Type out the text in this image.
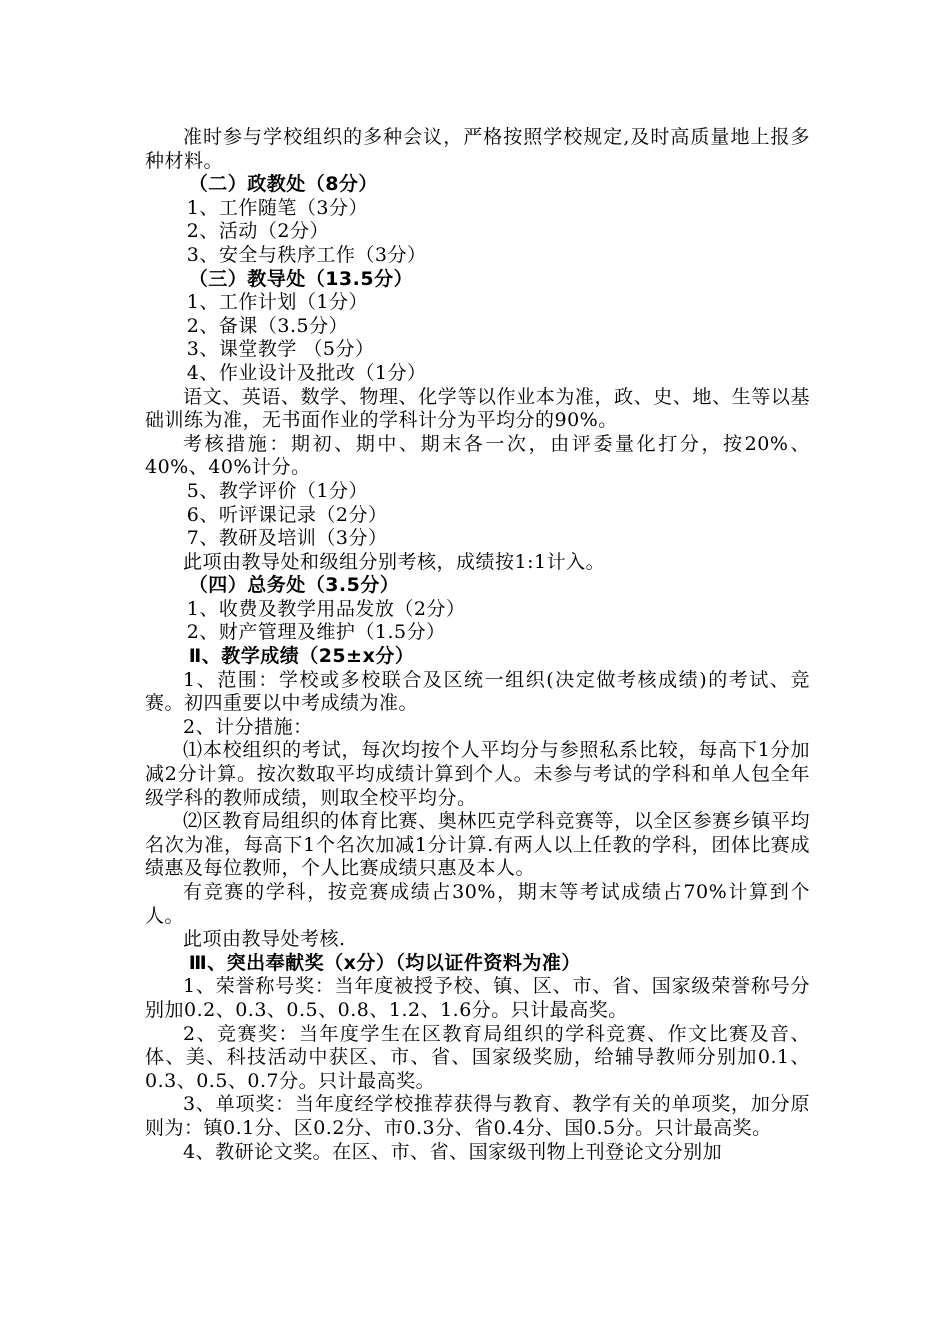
准时参与学校组织的多种会议，严格按照学校规定,及时高质量地上报多种材料。

（二）政教处（8分）

1、工作随笔（3分）

2、活动（2分）

3、安全与秩序工作（3分）

（三）教导处（13.5分）

1、工作计划（1分）

2、备课（3.5分）

3、课堂教学 （5分）

4、作业设计及批改（1分）

语文、英语、数学、物理、化学等以作业本为准，政、史、地、生等以基础训练为准，无书面作业的学科计分为平均分的90%。

考核措施：期初、期中、期末各一次，由评委量化打分，按20%、40%、40%计分。

5、教学评价（1分）

6、听评课记录（2分）

7、教研及培训（3分）

此项由教导处和级组分别考核，成绩按1:1计入。

（四）总务处（3.5分）

1、收费及教学用品发放（2分）

2、财产管理及维护（1.5分）

Ⅱ、教学成绩（25±x分）

1、范围：学校或多校联合及区统一组织(决定做考核成绩)的考试、竞赛。初四重要以中考成绩为准。

2、计分措施：

⑴本校组织的考试，每次均按个人平均分与参照私系比较，每高下1分加减2分计算。按次数取平均成绩计算到个人。未参与考试的学科和单人包全年级学科的教师成绩，则取全校平均分。

⑵区教育局组织的体育比赛、奥林匹克学科竞赛等，以全区参赛乡镇平均名次为准，每高下1个名次加减1分计算.有两人以上任教的学科，团体比赛成绩惠及每位教师，个人比赛成绩只惠及本人。

有竞赛的学科，按竞赛成绩占30%，期末等考试成绩占70%计算到个人。

此项由教导处考核.

Ⅲ、突出奉献奖（x分）（均以证件资料为准）

1、荣誉称号奖：当年度被授予校、镇、区、市、省、国家级荣誉称号分别加0.2、0.3、0.5、0.8、1.2、1.6分。只计最高奖。

2、竞赛奖：当年度学生在区教育局组织的学科竞赛、作文比赛及音、体、美、科技活动中获区、市、省、国家级奖励，给辅导教师分别加0.1、0.3、0.5、0.7分。只计最高奖。

3、单项奖：当年度经学校推荐获得与教育、教学有关的单项奖，加分原则为：镇0.1分、区0.2分、市0.3分、省0.4分、国0.5分。只计最高奖。

4、教研论文奖。在区、市、省、国家级刊物上刊登论文分别加
